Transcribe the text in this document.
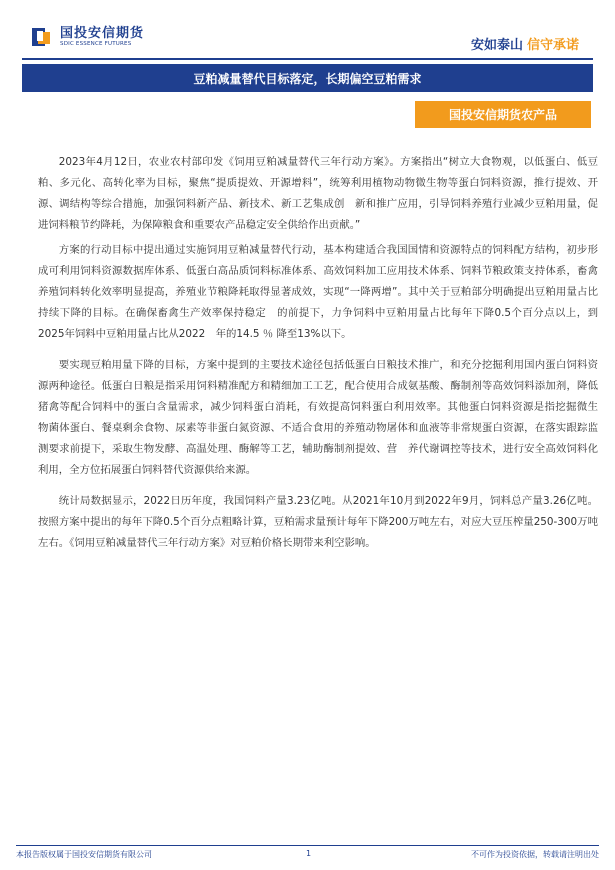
国投安信期货
SDIC ESSENCE FUTURES	安如泰山 信守承诺
豆粕减量替代目标落定，长期偏空豆粕需求
国投安信期货农产品

2023年4月12日，农业农村部印发《饲用豆粕减量替代三年行动方案》。方案指出“树立大食物观，以低蛋白、低豆粕、多元化、高转化率为目标，聚焦“提质提效、开源增料”，统筹利用植物动物微生物等蛋白饲料资源，推行提效、开源、调结构等综合措施，加强饲料新产品、新技术、新工艺集成创　新和推广应用，引导饲料养殖行业减少豆粕用量，促进饲料粮节约降耗，为保障粮食和重要农产品稳定安全供给作出贡献。”

方案的行动目标中提出通过实施饲用豆粕减量替代行动，基本构建适合我国国情和资源特点的饲料配方结构，初步形成可利用饲料资源数据库体系、低蛋白高品质饲料标准体系、高效饲料加工应用技术体系、饲料节粮政策支持体系，畜禽养殖饲料转化效率明显提高，养殖业节粮降耗取得显著成效，实现“一降两增”。其中关于豆粕部分明确提出豆粕用量占比持续下降的目标。在确保畜禽生产效率保持稳定　的前提下，力争饲料中豆粕用量占比每年下降0.5个百分点以上，到2025年饲料中豆粕用量占比从2022　年的14.5 ％ 降至13%以下。

要实现豆粕用量下降的目标，方案中提到的主要技术途径包括低蛋白日粮技术推广，和充分挖掘利用国内蛋白饲料资源两种途径。低蛋白日粮是指采用饲料精准配方和精细加工工艺，配合使用合成氨基酸、酶制剂等高效饲料添加剂，降低猪禽等配合饲料中的蛋白含量需求，减少饲料蛋白消耗，有效提高饲料蛋白利用效率。其他蛋白饲料资源是指挖掘微生　物菌体蛋白、餐桌剩余食物、尿素等非蛋白氮资源、不适合食用的养殖动物屠体和血液等非常规蛋白资源，在落实跟踪监测要求前提下，采取生物发酵、高温处理、酶解等工艺，辅助酶制剂提效、营　养代谢调控等技术，进行安全高效饲料化利用，全方位拓展蛋白饲料替代资源供给来源。

统计局数据显示，2022日历年度，我国饲料产量3.23亿吨。从2021年10月到2022年9月，饲料总产量3.26亿吨。按照方案中提出的每年下降0.5个百分点粗略计算，豆粕需求量预计每年下降200万吨左右，对应大豆压榨量250-300万吨左右。《饲用豆粕减量替代三年行动方案》对豆粕价格长期带来利空影响。

本报告版权属于国投安信期货有限公司	1	不可作为投资依据，转载请注明出处
